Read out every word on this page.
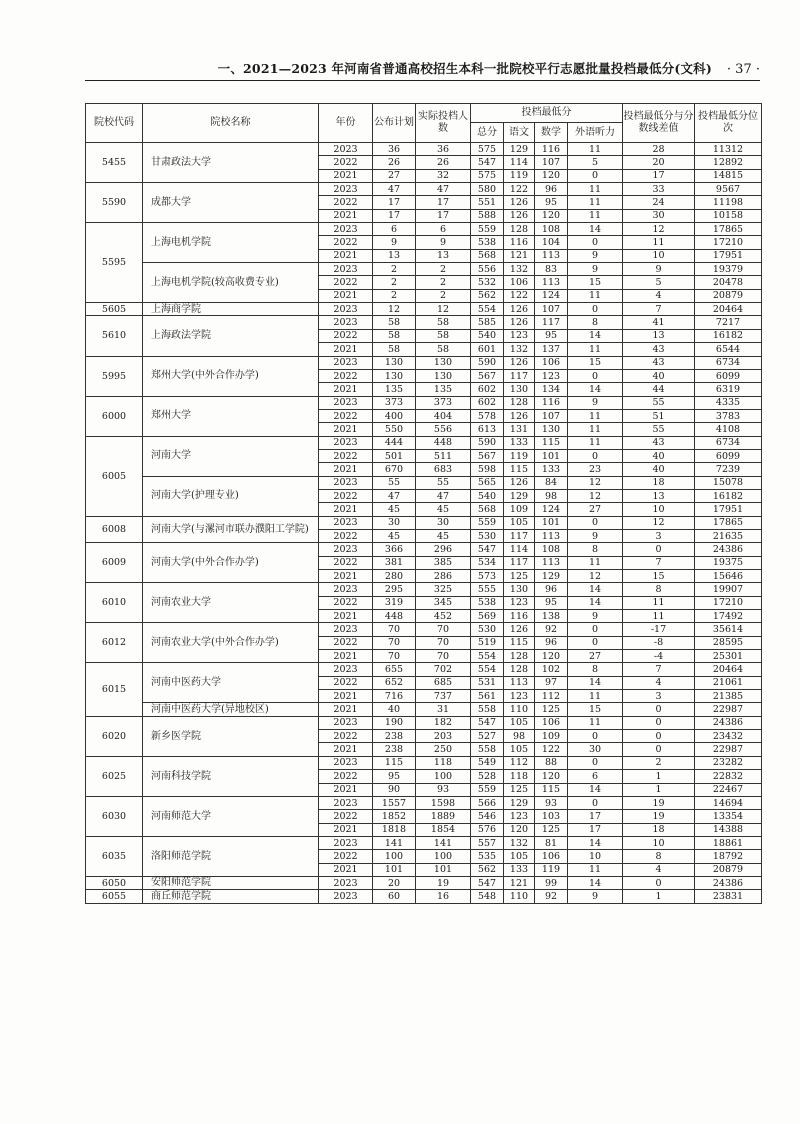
一、2021—2023 年河南省普通高校招生本科一批院校平行志愿批量投档最低分(文科) · 37 ·
院校代码	院校名称	年份	公布计划	实际投档人数	投档最低分				投档最低分与分数线差值	投档最低分位次
					总分	语文	数学	外语听力		
5455	甘肃政法大学	2023	36	36	575	129	116	11	28	11312
		2022	26	26	547	114	107	5	20	12892
		2021	27	32	575	119	120	0	17	14815
5590	成都大学	2023	47	47	580	122	96	11	33	9567
		2022	17	17	551	126	95	11	24	11198
		2021	17	17	588	126	120	11	30	10158
5595	上海电机学院	2023	6	6	559	128	108	14	12	17865
		2022	9	9	538	116	104	0	11	17210
		2021	13	13	568	121	113	9	10	17951
	上海电机学院(较高收费专业)	2023	2	2	556	132	83	9	9	19379
		2022	2	2	532	106	113	15	5	20478
		2021	2	2	562	122	124	11	4	20879
5605	上海商学院	2023	12	12	554	126	107	0	7	20464
5610	上海政法学院	2023	58	58	585	126	117	8	41	7217
		2022	58	58	540	123	95	14	13	16182
		2021	58	58	601	132	137	11	43	6544
5995	郑州大学(中外合作办学)	2023	130	130	590	126	106	15	43	6734
		2022	130	130	567	117	123	0	40	6099
		2021	135	135	602	130	134	14	44	6319
6000	郑州大学	2023	373	373	602	128	116	9	55	4335
		2022	400	404	578	126	107	11	51	3783
		2021	550	556	613	131	130	11	55	4108
6005	河南大学	2023	444	448	590	133	115	11	43	6734
		2022	501	511	567	119	101	0	40	6099
		2021	670	683	598	115	133	23	40	7239
	河南大学(护理专业)	2023	55	55	565	126	84	12	18	15078
		2022	47	47	540	129	98	12	13	16182
		2021	45	45	568	109	124	27	10	17951
6008	河南大学(与漯河市联办濮阳工学院)	2023	30	30	559	105	101	0	12	17865
		2022	45	45	530	117	113	9	3	21635
6009	河南大学(中外合作办学)	2023	366	296	547	114	108	8	0	24386
		2022	381	385	534	117	113	11	7	19375
		2021	280	286	573	125	129	12	15	15646
6010	河南农业大学	2023	295	325	555	130	96	14	8	19907
		2022	319	345	538	123	95	14	11	17210
		2021	448	452	569	116	138	9	11	17492
6012	河南农业大学(中外合作办学)	2023	70	70	530	126	92	0	-17	35614
		2022	70	70	519	115	96	0	-8	28595
		2021	70	70	554	128	120	27	-4	25301
6015	河南中医药大学	2023	655	702	554	128	102	8	7	20464
		2022	652	685	531	113	97	14	4	21061
		2021	716	737	561	123	112	11	3	21385
	河南中医药大学(异地校区)	2021	40	31	558	110	125	15	0	22987
6020	新乡医学院	2023	190	182	547	105	106	11	0	24386
		2022	238	203	527	98	109	0	0	23432
		2021	238	250	558	105	122	30	0	22987
6025	河南科技学院	2023	115	118	549	112	88	0	2	23282
		2022	95	100	528	118	120	6	1	22832
		2021	90	93	559	125	115	14	1	22467
6030	河南师范大学	2023	1557	1598	566	129	93	0	19	14694
		2022	1852	1889	546	123	103	17	19	13354
		2021	1818	1854	576	120	125	17	18	14388
6035	洛阳师范学院	2023	141	141	557	132	81	14	10	18861
		2022	100	100	535	105	106	10	8	18792
		2021	101	101	562	133	119	11	4	20879
6050	安阳师范学院	2023	20	19	547	121	99	14	0	24386
6055	商丘师范学院	2023	60	16	548	110	92	9	1	23831
